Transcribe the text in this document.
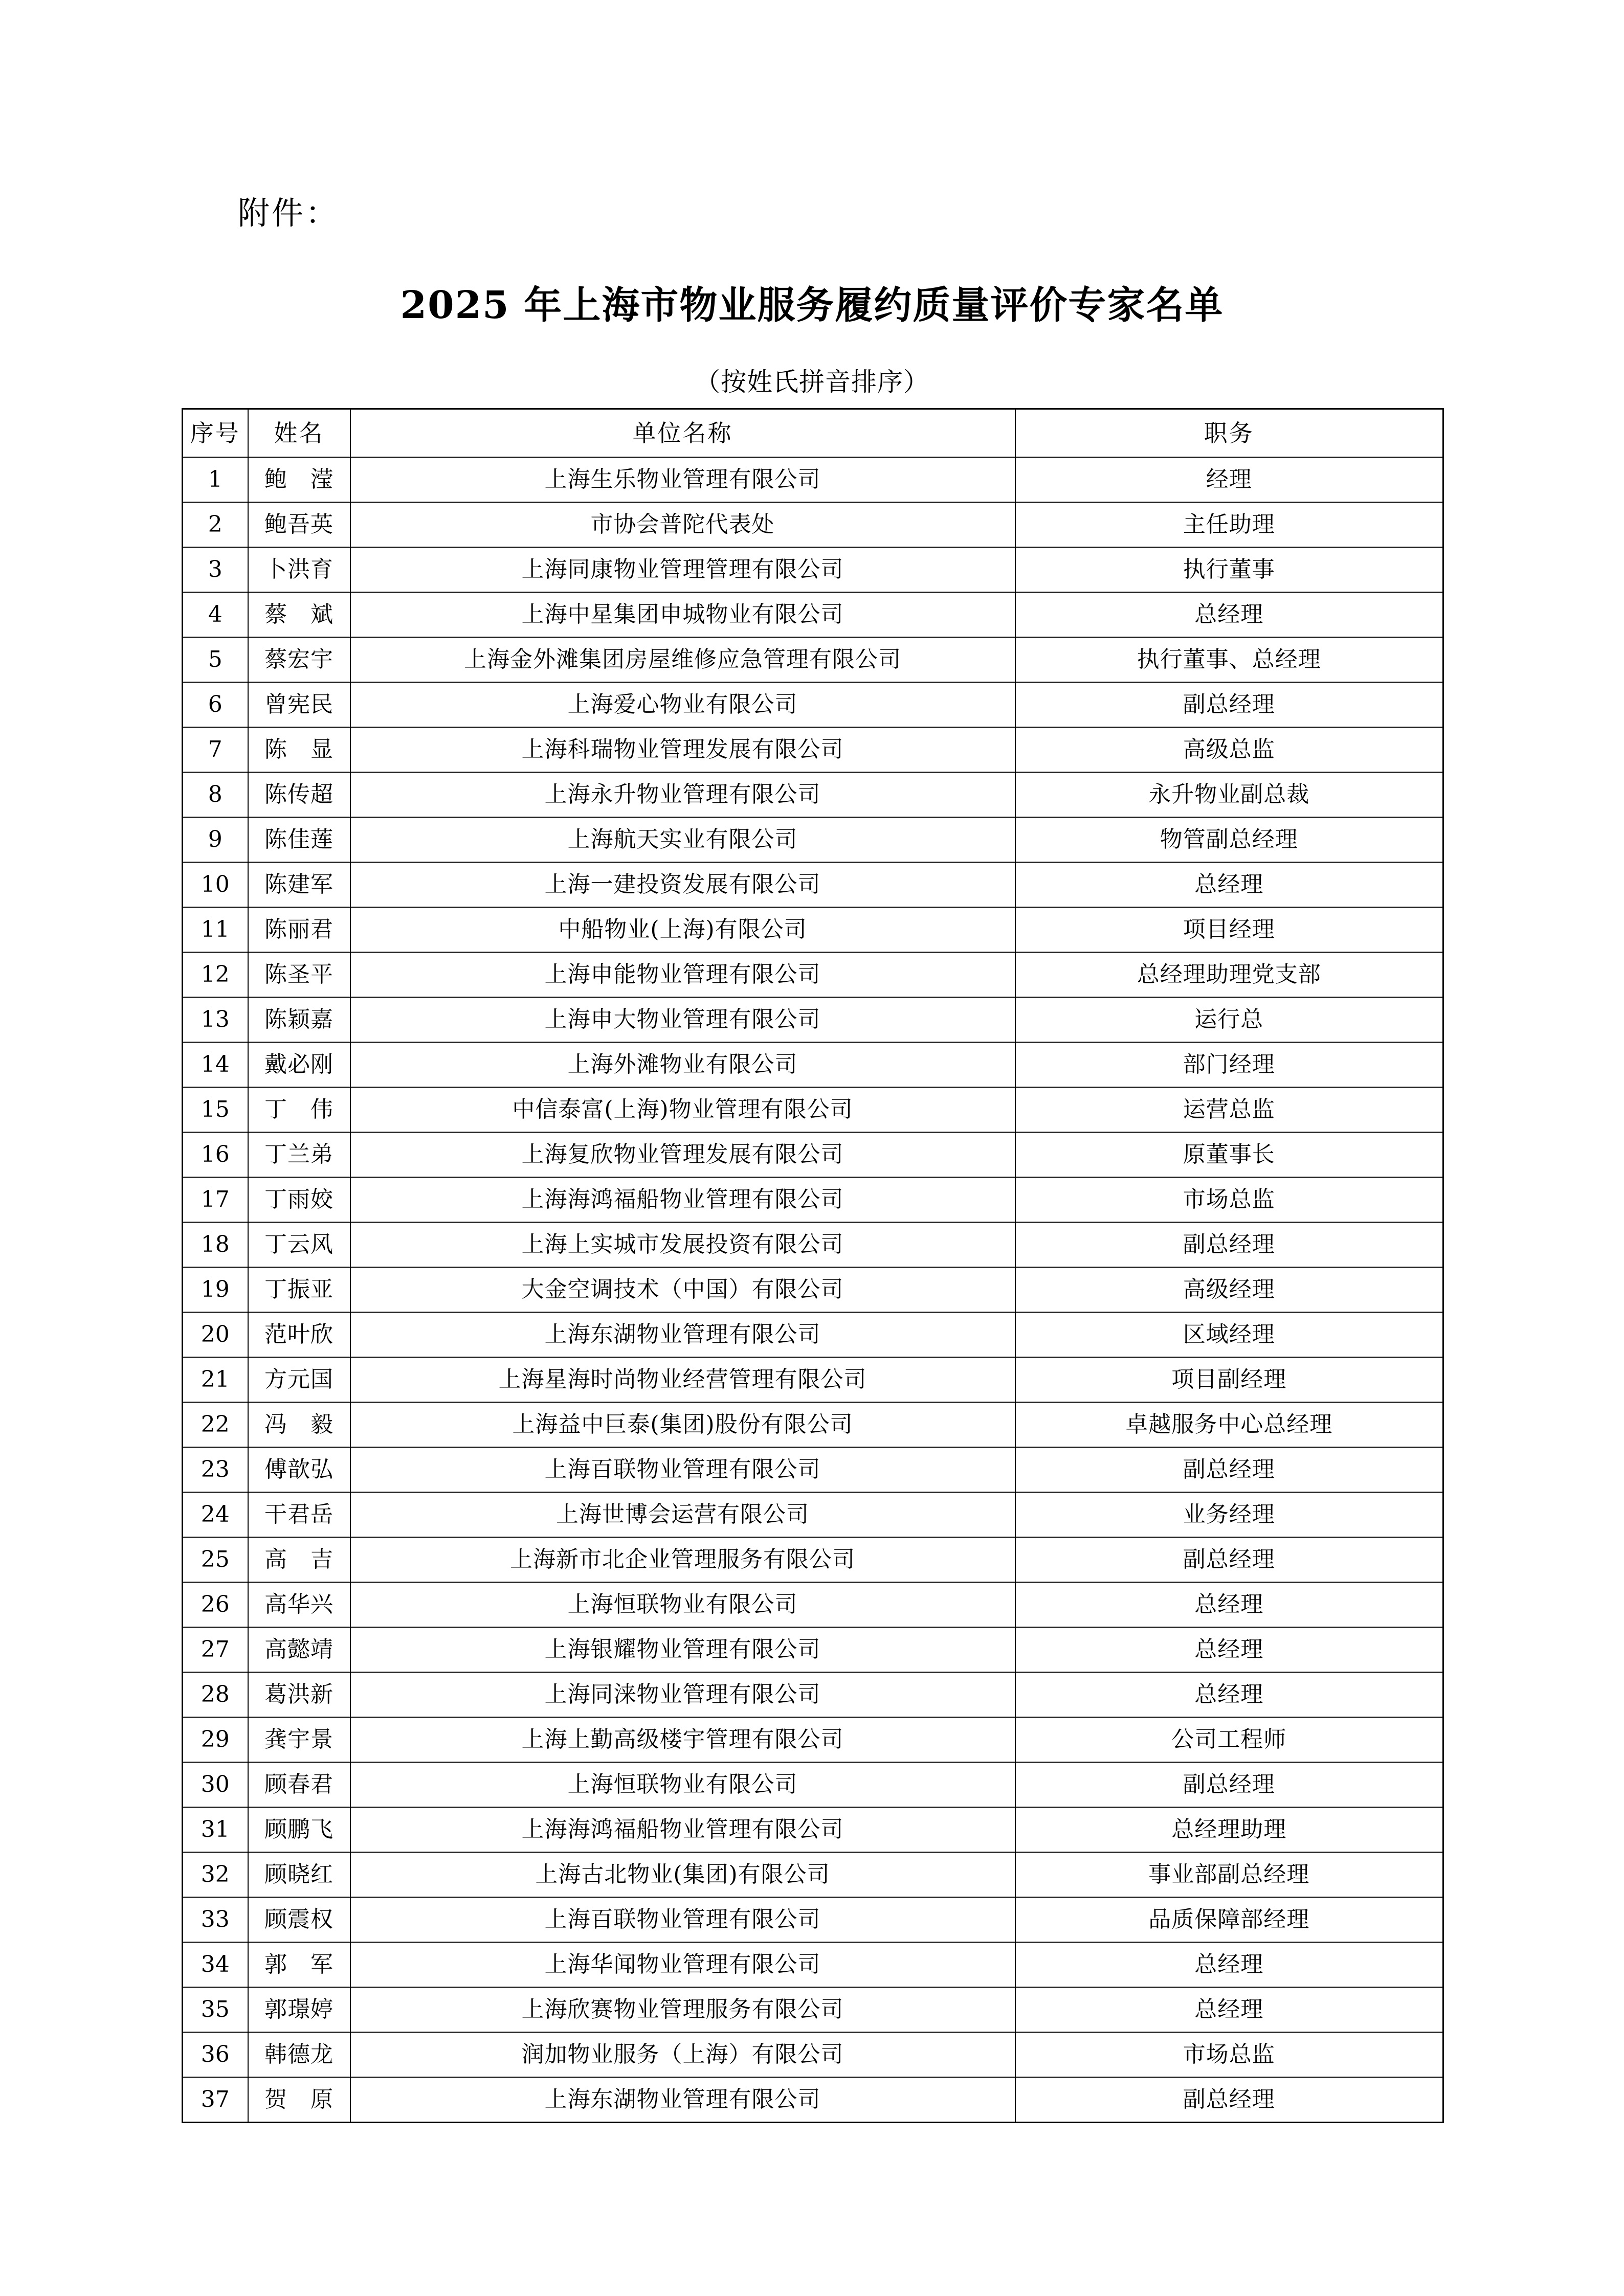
附件：
2025 年上海市物业服务履约质量评价专家名单
（按姓氏拼音排序）
序号	姓名	单位名称	职务
1	鲍　滢	上海生乐物业管理有限公司	经理
2	鲍吾英	市协会普陀代表处	主任助理
3	卜洪育	上海同康物业管理管理有限公司	执行董事
4	蔡　斌	上海中星集团申城物业有限公司	总经理
5	蔡宏宇	上海金外滩集团房屋维修应急管理有限公司	执行董事、总经理
6	曾宪民	上海爱心物业有限公司	副总经理
7	陈　显	上海科瑞物业管理发展有限公司	高级总监
8	陈传超	上海永升物业管理有限公司	永升物业副总裁
9	陈佳莲	上海航天实业有限公司	物管副总经理
10	陈建军	上海一建投资发展有限公司	总经理
11	陈丽君	中船物业(上海)有限公司	项目经理
12	陈圣平	上海申能物业管理有限公司	总经理助理党支部
13	陈颖嘉	上海申大物业管理有限公司	运行总
14	戴必刚	上海外滩物业有限公司	部门经理
15	丁　伟	中信泰富(上海)物业管理有限公司	运营总监
16	丁兰弟	上海复欣物业管理发展有限公司	原董事长
17	丁雨姣	上海海鸿福船物业管理有限公司	市场总监
18	丁云风	上海上实城市发展投资有限公司	副总经理
19	丁振亚	大金空调技术（中国）有限公司	高级经理
20	范叶欣	上海东湖物业管理有限公司	区域经理
21	方元国	上海星海时尚物业经营管理有限公司	项目副经理
22	冯　毅	上海益中巨泰(集团)股份有限公司	卓越服务中心总经理
23	傅歆弘	上海百联物业管理有限公司	副总经理
24	干君岳	上海世博会运营有限公司	业务经理
25	高　吉	上海新市北企业管理服务有限公司	副总经理
26	高华兴	上海恒联物业有限公司	总经理
27	高懿靖	上海银耀物业管理有限公司	总经理
28	葛洪新	上海同涞物业管理有限公司	总经理
29	龚宇景	上海上勤高级楼宇管理有限公司	公司工程师
30	顾春君	上海恒联物业有限公司	副总经理
31	顾鹏飞	上海海鸿福船物业管理有限公司	总经理助理
32	顾晓红	上海古北物业(集团)有限公司	事业部副总经理
33	顾震权	上海百联物业管理有限公司	品质保障部经理
34	郭　军	上海华闻物业管理有限公司	总经理
35	郭璟婷	上海欣赛物业管理服务有限公司	总经理
36	韩德龙	润加物业服务（上海）有限公司	市场总监
37	贺　原	上海东湖物业管理有限公司	副总经理
